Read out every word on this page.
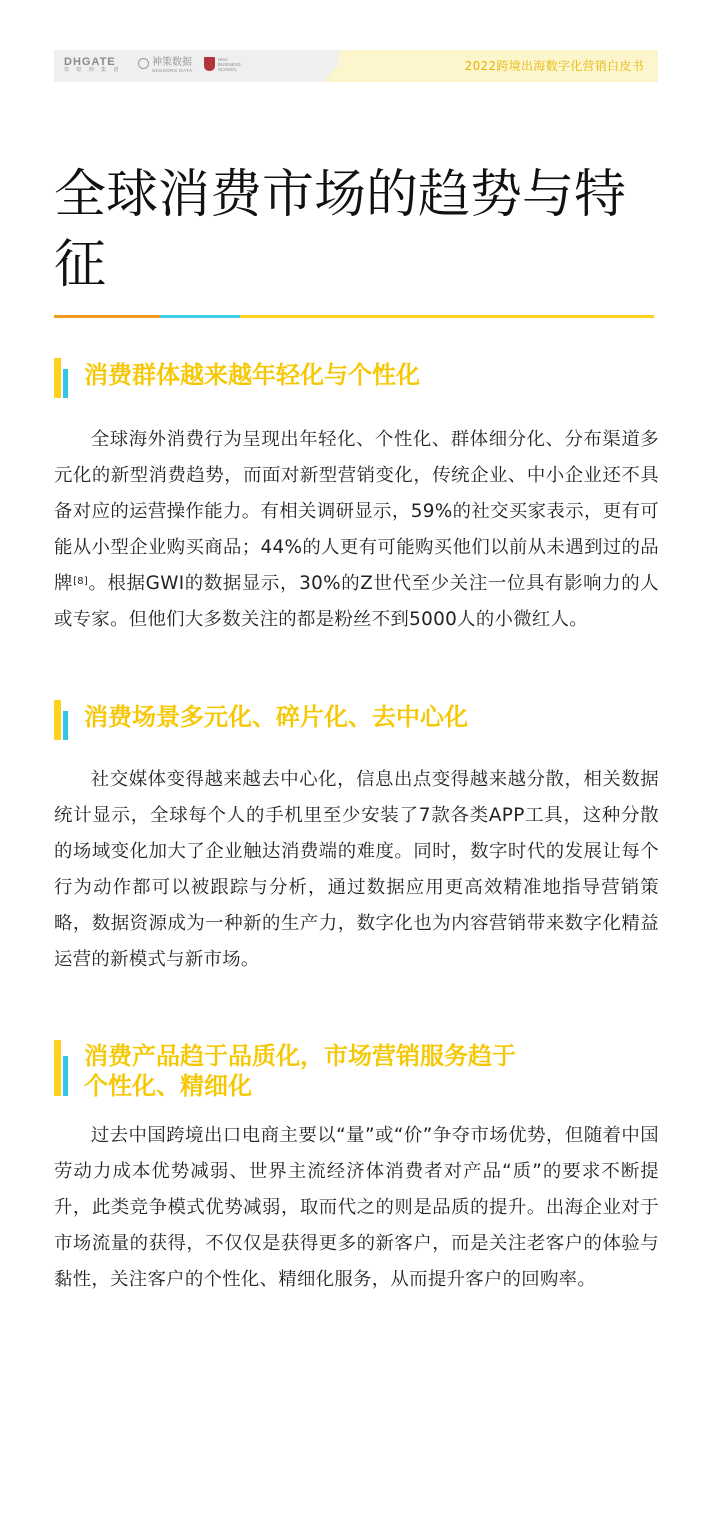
DHGATE
敦 煌 网 集 团
神策数据
SENSORS DATA
HKU BUSINESS SCHOOL	2022跨境出海数字化营销白皮书
全球消费市场的趋势与特征
消费群体越来越年轻化与个性化

全球海外消费行为呈现出年轻化、个性化、群体细分化、分布渠道多元化的新型消费趋势，而面对新型营销变化，传统企业、中小企业还不具备对应的运营操作能力。有相关调研显示，59%的社交买家表示，更有可能从小型企业购买商品；44%的人更有可能购买他们以前从未遇到过的品牌[8]。根据GWI的数据显示，30%的Z世代至少关注一位具有影响力的人或专家。但他们大多数关注的都是粉丝不到5000人的小微红人。

消费场景多元化、碎片化、去中心化

社交媒体变得越来越去中心化，信息出点变得越来越分散，相关数据统计显示，全球每个人的手机里至少安装了7款各类APP工具，这种分散的场域变化加大了企业触达消费端的难度。同时，数字时代的发展让每个行为动作都可以被跟踪与分析，通过数据应用更高效精准地指导营销策略，数据资源成为一种新的生产力，数字化也为内容营销带来数字化精益运营的新模式与新市场。

消费产品趋于品质化，市场营销服务趋于
个性化、精细化

过去中国跨境出口电商主要以“量”或“价”争夺市场优势，但随着中国劳动力成本优势减弱、世界主流经济体消费者对产品“质”的要求不断提升，此类竞争模式优势减弱，取而代之的则是品质的提升。出海企业对于市场流量的获得，不仅仅是获得更多的新客户，而是关注老客户的体验与黏性，关注客户的个性化、精细化服务，从而提升客户的回购率。
